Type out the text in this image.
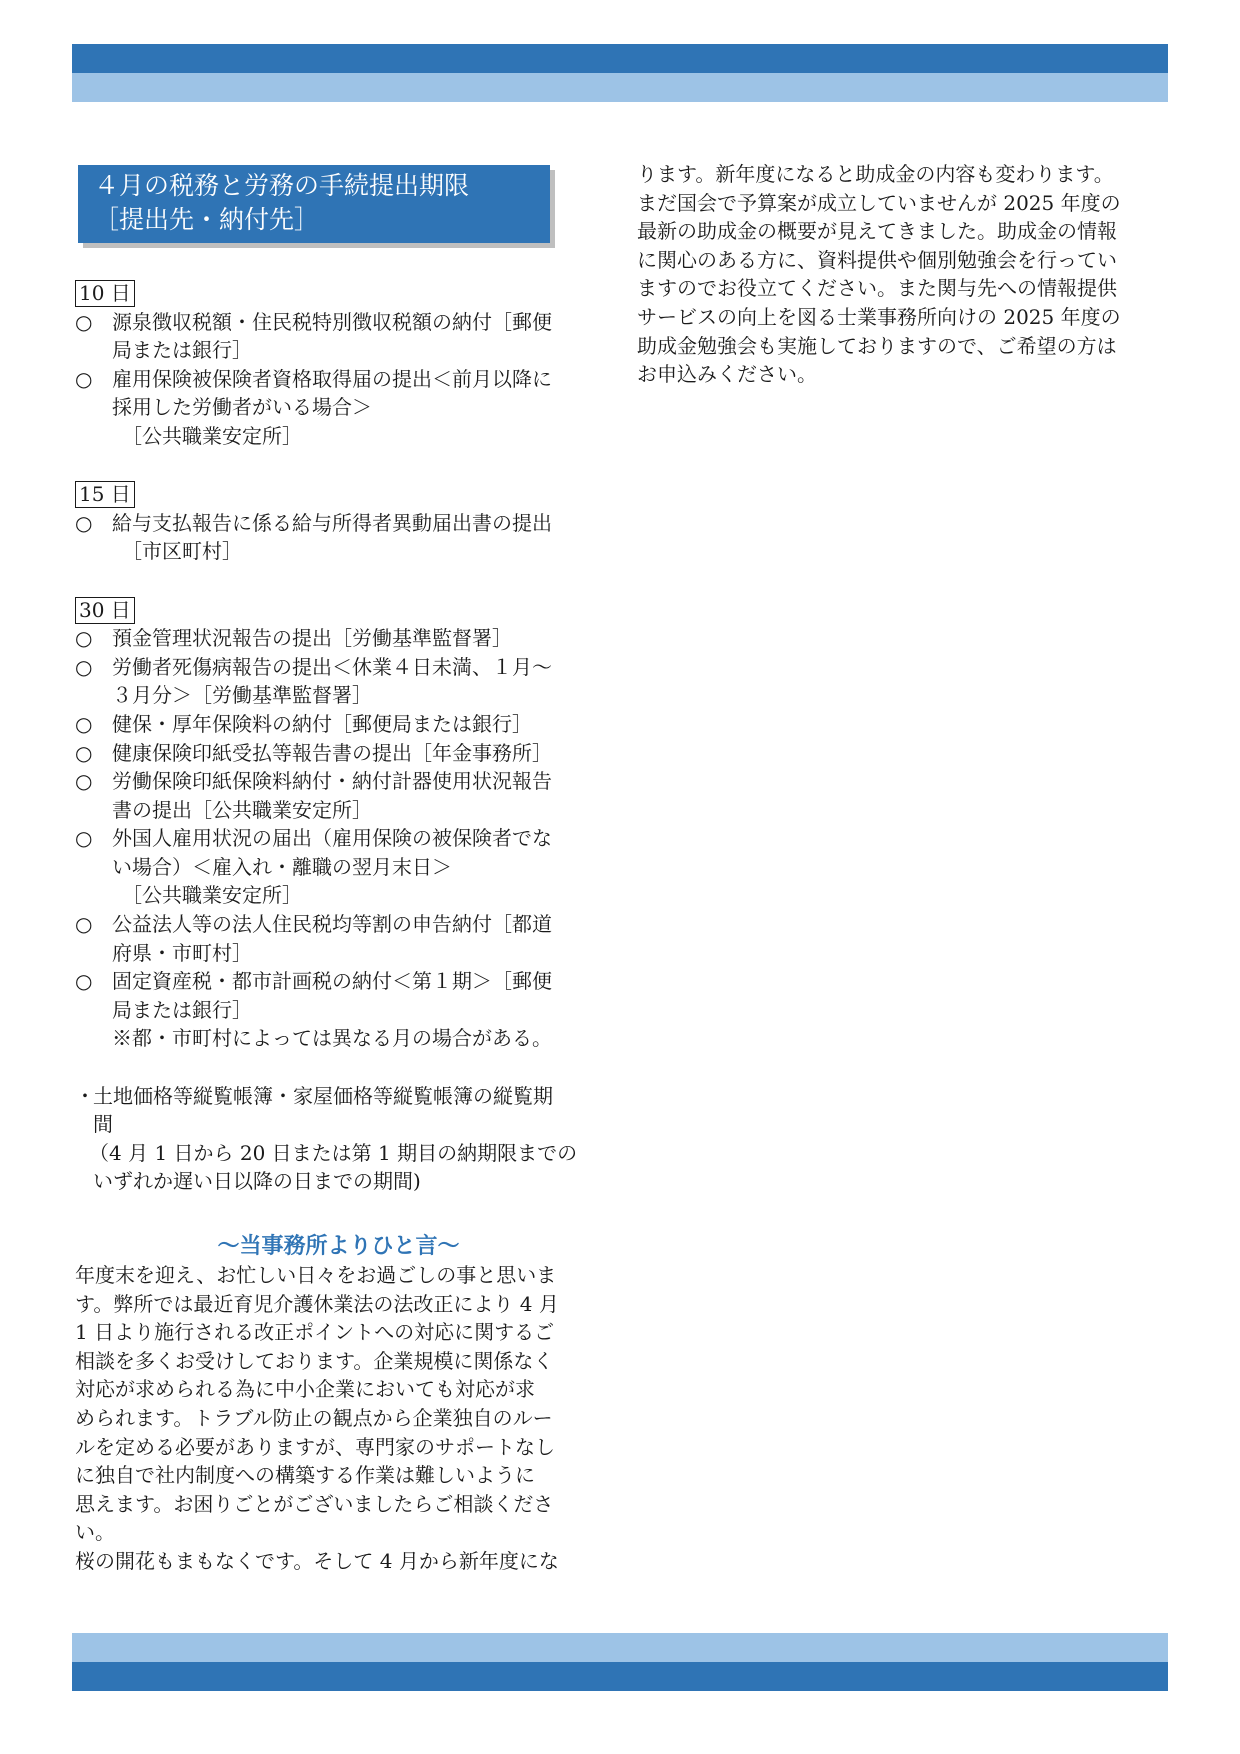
４月の税務と労務の手続提出期限
［提出先・納付先］
10 日
○ 源泉徴収税額・住民税特別徴収税額の納付［郵便
局または銀行］
○ 雇用保険被保険者資格取得届の提出＜前月以降に
採用した労働者がいる場合＞
［公共職業安定所］
15 日
○ 給与支払報告に係る給与所得者異動届出書の提出
［市区町村］
30 日
○ 預金管理状況報告の提出［労働基準監督署］
○ 労働者死傷病報告の提出＜休業４日未満、１月～
３月分＞［労働基準監督署］
○ 健保・厚年保険料の納付［郵便局または銀行］
○ 健康保険印紙受払等報告書の提出［年金事務所］
○ 労働保険印紙保険料納付・納付計器使用状況報告
書の提出［公共職業安定所］
○ 外国人雇用状況の届出（雇用保険の被保険者でな
い場合）＜雇入れ・離職の翌月末日＞
［公共職業安定所］
○ 公益法人等の法人住民税均等割の申告納付［都道
府県・市町村］
○ 固定資産税・都市計画税の納付＜第１期＞［郵便
局または銀行］
※都・市町村によっては異なる月の場合がある。
・
土地価格等縦覧帳簿・家屋価格等縦覧帳簿の縦覧期
間
（4 月 1 日から 20 日または第 1 期目の納期限までの
いずれか遅い日以降の日までの期間)
～当事務所よりひと言～
年度末を迎え、お忙しい日々をお過ごしの事と思いま
す。弊所では最近育児介護休業法の法改正により 4 月
1 日より施行される改正ポイントへの対応に関するご
相談を多くお受けしております。企業規模に関係なく
対応が求められる為に中小企業においても対応が求
められます。トラブル防止の観点から企業独自のルー
ルを定める必要がありますが、専門家のサポートなし
に独自で社内制度への構築する作業は難しいように
思えます。お困りごとがございましたらご相談くださ
い。
桜の開花もまもなくです。そして 4 月から新年度にな
ります。新年度になると助成金の内容も変わります。
まだ国会で予算案が成立していませんが 2025 年度の
最新の助成金の概要が見えてきました。助成金の情報
に関心のある方に、資料提供や個別勉強会を行ってい
ますのでお役立てください。また関与先への情報提供
サービスの向上を図る士業事務所向けの 2025 年度の
助成金勉強会も実施しておりますので、ご希望の方は
お申込みください。
